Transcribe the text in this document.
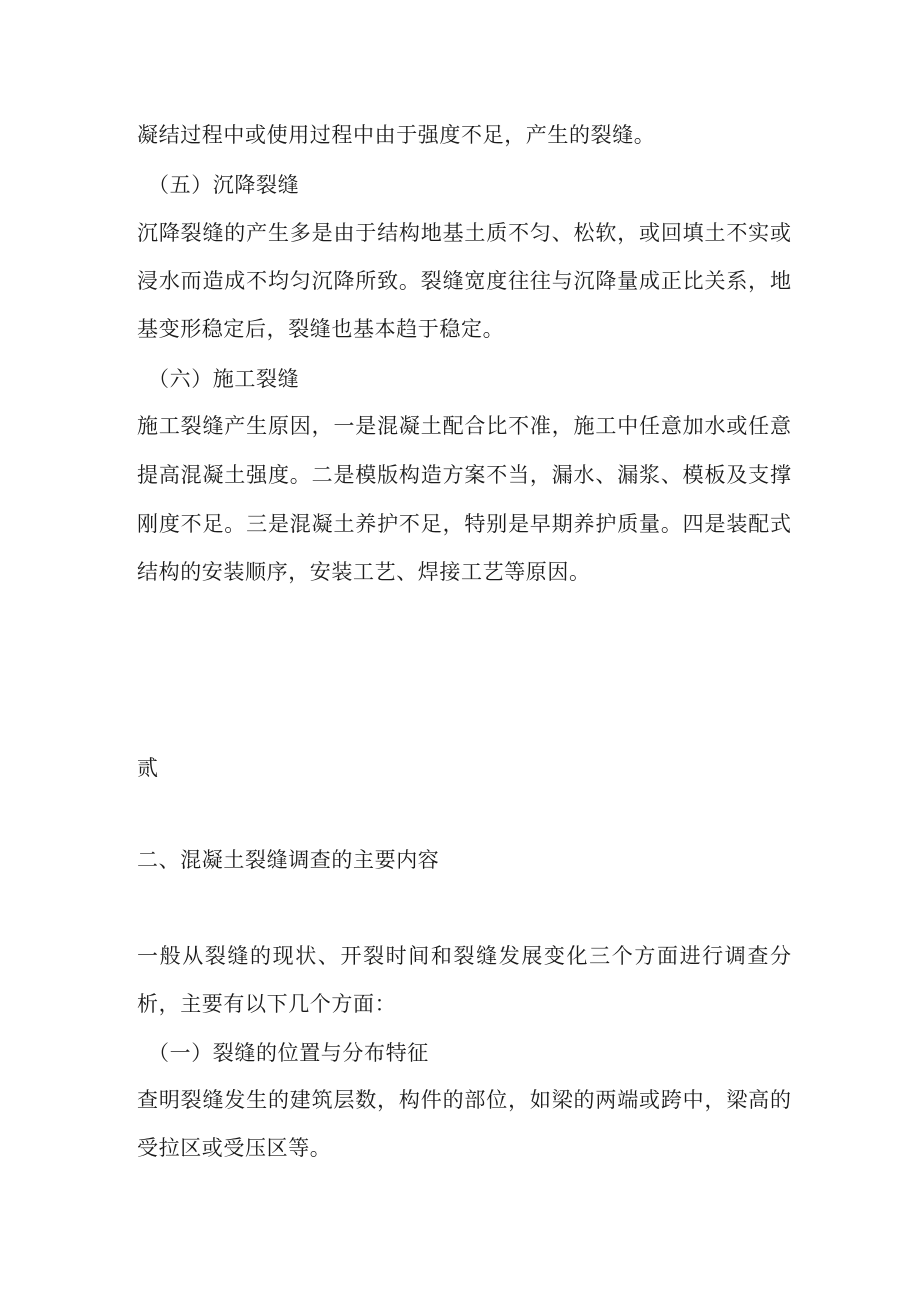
凝结过程中或使用过程中由于强度不足，产生的裂缝。
（五）沉降裂缝
沉降裂缝的产生多是由于结构地基土质不匀、松软，或回填土不实或
浸水而造成不均匀沉降所致。裂缝宽度往往与沉降量成正比关系，地
基变形稳定后，裂缝也基本趋于稳定。
（六）施工裂缝
施工裂缝产生原因，一是混凝土配合比不准，施工中任意加水或任意
提高混凝土强度。二是模版构造方案不当，漏水、漏浆、模板及支撑
刚度不足。三是混凝土养护不足，特别是早期养护质量。四是装配式
结构的安装顺序，安装工艺、焊接工艺等原因。
贰
二、混凝土裂缝调查的主要内容
一般从裂缝的现状、开裂时间和裂缝发展变化三个方面进行调查分
析，主要有以下几个方面：
（一）裂缝的位置与分布特征
查明裂缝发生的建筑层数，构件的部位，如梁的两端或跨中，梁高的
受拉区或受压区等。
